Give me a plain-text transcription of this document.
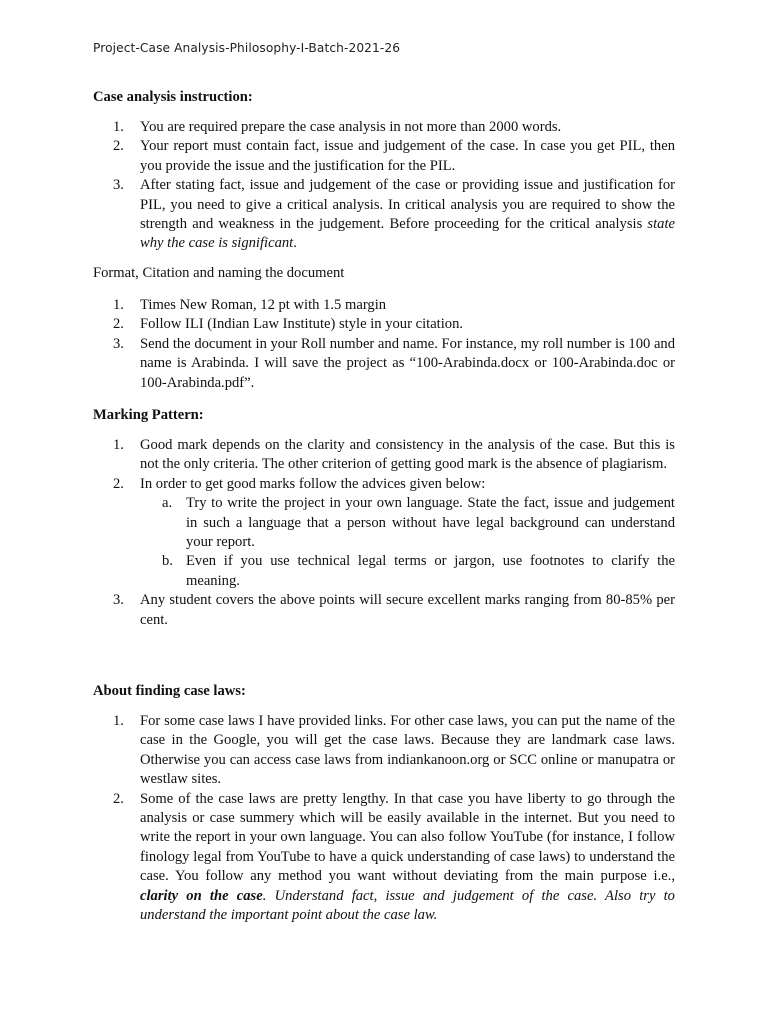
Project-Case Analysis-Philosophy-I-Batch-2021-26

Case analysis instruction:

1.	You are required prepare the case analysis in not more than 2000 words.
2.	Your report must contain fact, issue and judgement of the case. In case you get PIL, then you provide the issue and the justification for the PIL.
3.	After stating fact, issue and judgement of the case or providing issue and justification for PIL, you need to give a critical analysis. In critical analysis you are required to show the strength and weakness in the judgement. Before proceeding for the critical analysis state why the case is significant.

Format, Citation and naming the document

1.	Times New Roman, 12 pt with 1.5 margin
2.	Follow ILI (Indian Law Institute) style in your citation.
3.	Send the document in your Roll number and name. For instance, my roll number is 100 and name is Arabinda. I will save the project as “100-Arabinda.docx or 100-Arabinda.doc or 100-Arabinda.pdf”.

Marking Pattern:

1.	Good mark depends on the clarity and consistency in the analysis of the case. But this is not the only criteria. The other criterion of getting good mark is the absence of plagiarism.
2.	In order to get good marks follow the advices given below:
a. Try to write the project in your own language. State the fact, issue and judgement in such a language that a person without have legal background can understand your report.
b. Even if you use technical legal terms or jargon, use footnotes to clarify the meaning.
3.	Any student covers the above points will secure excellent marks ranging from 80-85% per cent.

About finding case laws:

1.	For some case laws I have provided links. For other case laws, you can put the name of the case in the Google, you will get the case laws. Because they are landmark case laws. Otherwise you can access case laws from indiankanoon.org or SCC online or manupatra or westlaw sites.
2.	Some of the case laws are pretty lengthy. In that case you have liberty to go through the analysis or case summery which will be easily available in the internet. But you need to write the report in your own language. You can also follow YouTube (for instance, I follow finology legal from YouTube to have a quick understanding of case laws) to understand the case. You follow any method you want without deviating from the main purpose i.e., clarity on the case. Understand fact, issue and judgement of the case. Also try to understand the important point about the case law.
